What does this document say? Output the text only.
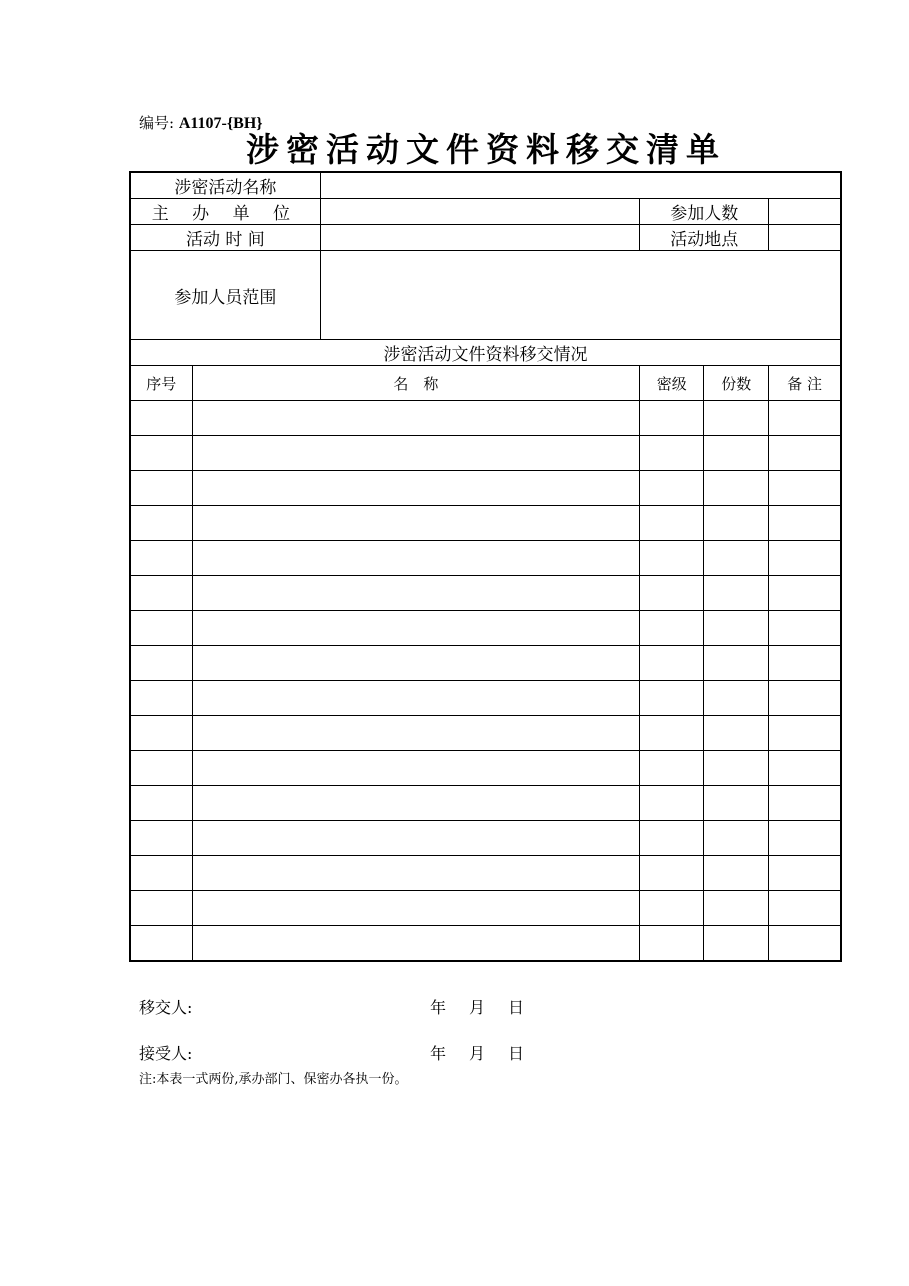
编号: A1107-{BH}
涉密活动文件资料移交清单
涉密活动名称					
主 办 单 位			参加人数		
活动 时 间			活动地点		
参加人员范围					
涉密活动文件资料移交情况					
序号	名　称		密级	份数	备 注

移交人:	年 月 日
接受人:	年 月 日
注:本表一式两份,承办部门、保密办各执一份。
